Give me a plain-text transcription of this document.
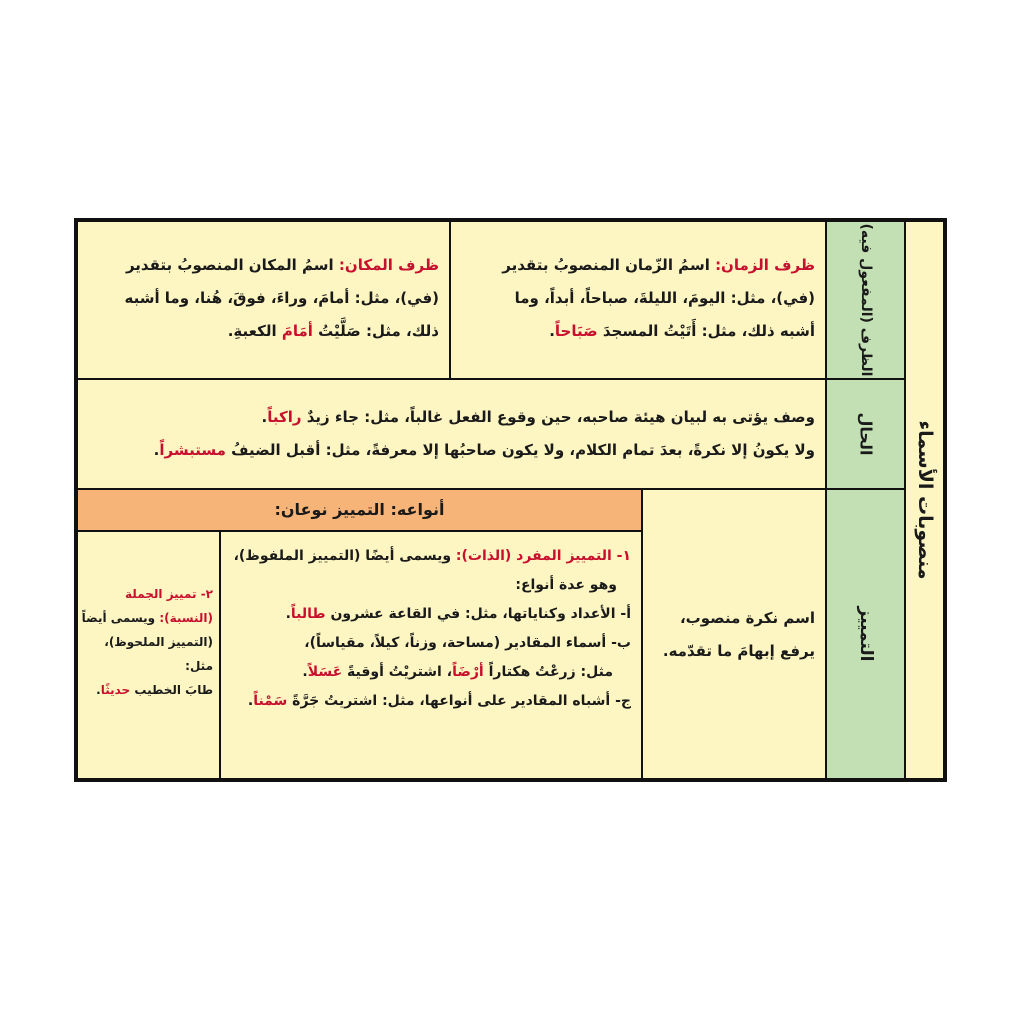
منصوبات الأسماء
الظرف (المفعول فيه)
ظرف الزمان: اسمُ الزّمان المنصوبُ بتقدير
(في)، مثل: اليومَ، الليلةَ، صباحاً، أبداً، وما
أشبه ذلك، مثل: أَتَيْتُ المسجدَ صَبَاحاً.
ظرف المكان: اسمُ المكان المنصوبُ بتقدير
(في)، مثل: أمامَ، وراءَ، فوقَ، هُنا، وما أشبه
ذلك، مثل: صَلَّيْتُ أمَامَ الكعبةِ.
الحال
وصف يؤتى به لبيان هيئة صاحبه، حين وقوع الفعل غالباً، مثل: جاء زيدٌ راكباً.
ولا يكونُ إلا نكرةً، بعدَ تمام الكلام، ولا يكون صاحبُها إلا معرفةً، مثل: أقبل الضيفُ مستبشراً.
التمييز
اسم نكرة منصوب،
يرفع إبهامَ ما تقدّمه.
أنواعه: التمييز نوعان:
١- التمييز المفرد (الذات): ويسمى أيضًا (التمييز الملفوظ)،
وهو عدة أنواع:
أ- الأعداد وكناياتها، مثل: في القاعة عشرون طالباً.
ب- أسماء المقادير (مساحة، وزناً، كيلاً، مقياساً)،
مثل: زرعْتُ هكتاراً أرْضَاً، اشتريْتُ أوقيةً عَسَلاً.
ج- أشباه المقادير على أنواعها، مثل: اشتريتُ جَرَّةً سَمْناً.
٢- تمييز الجملة
(النسبة): ويسمى أيضاً
(التمييز الملحوظ)،
مثل:
طابَ الخطيب حديثًا.
